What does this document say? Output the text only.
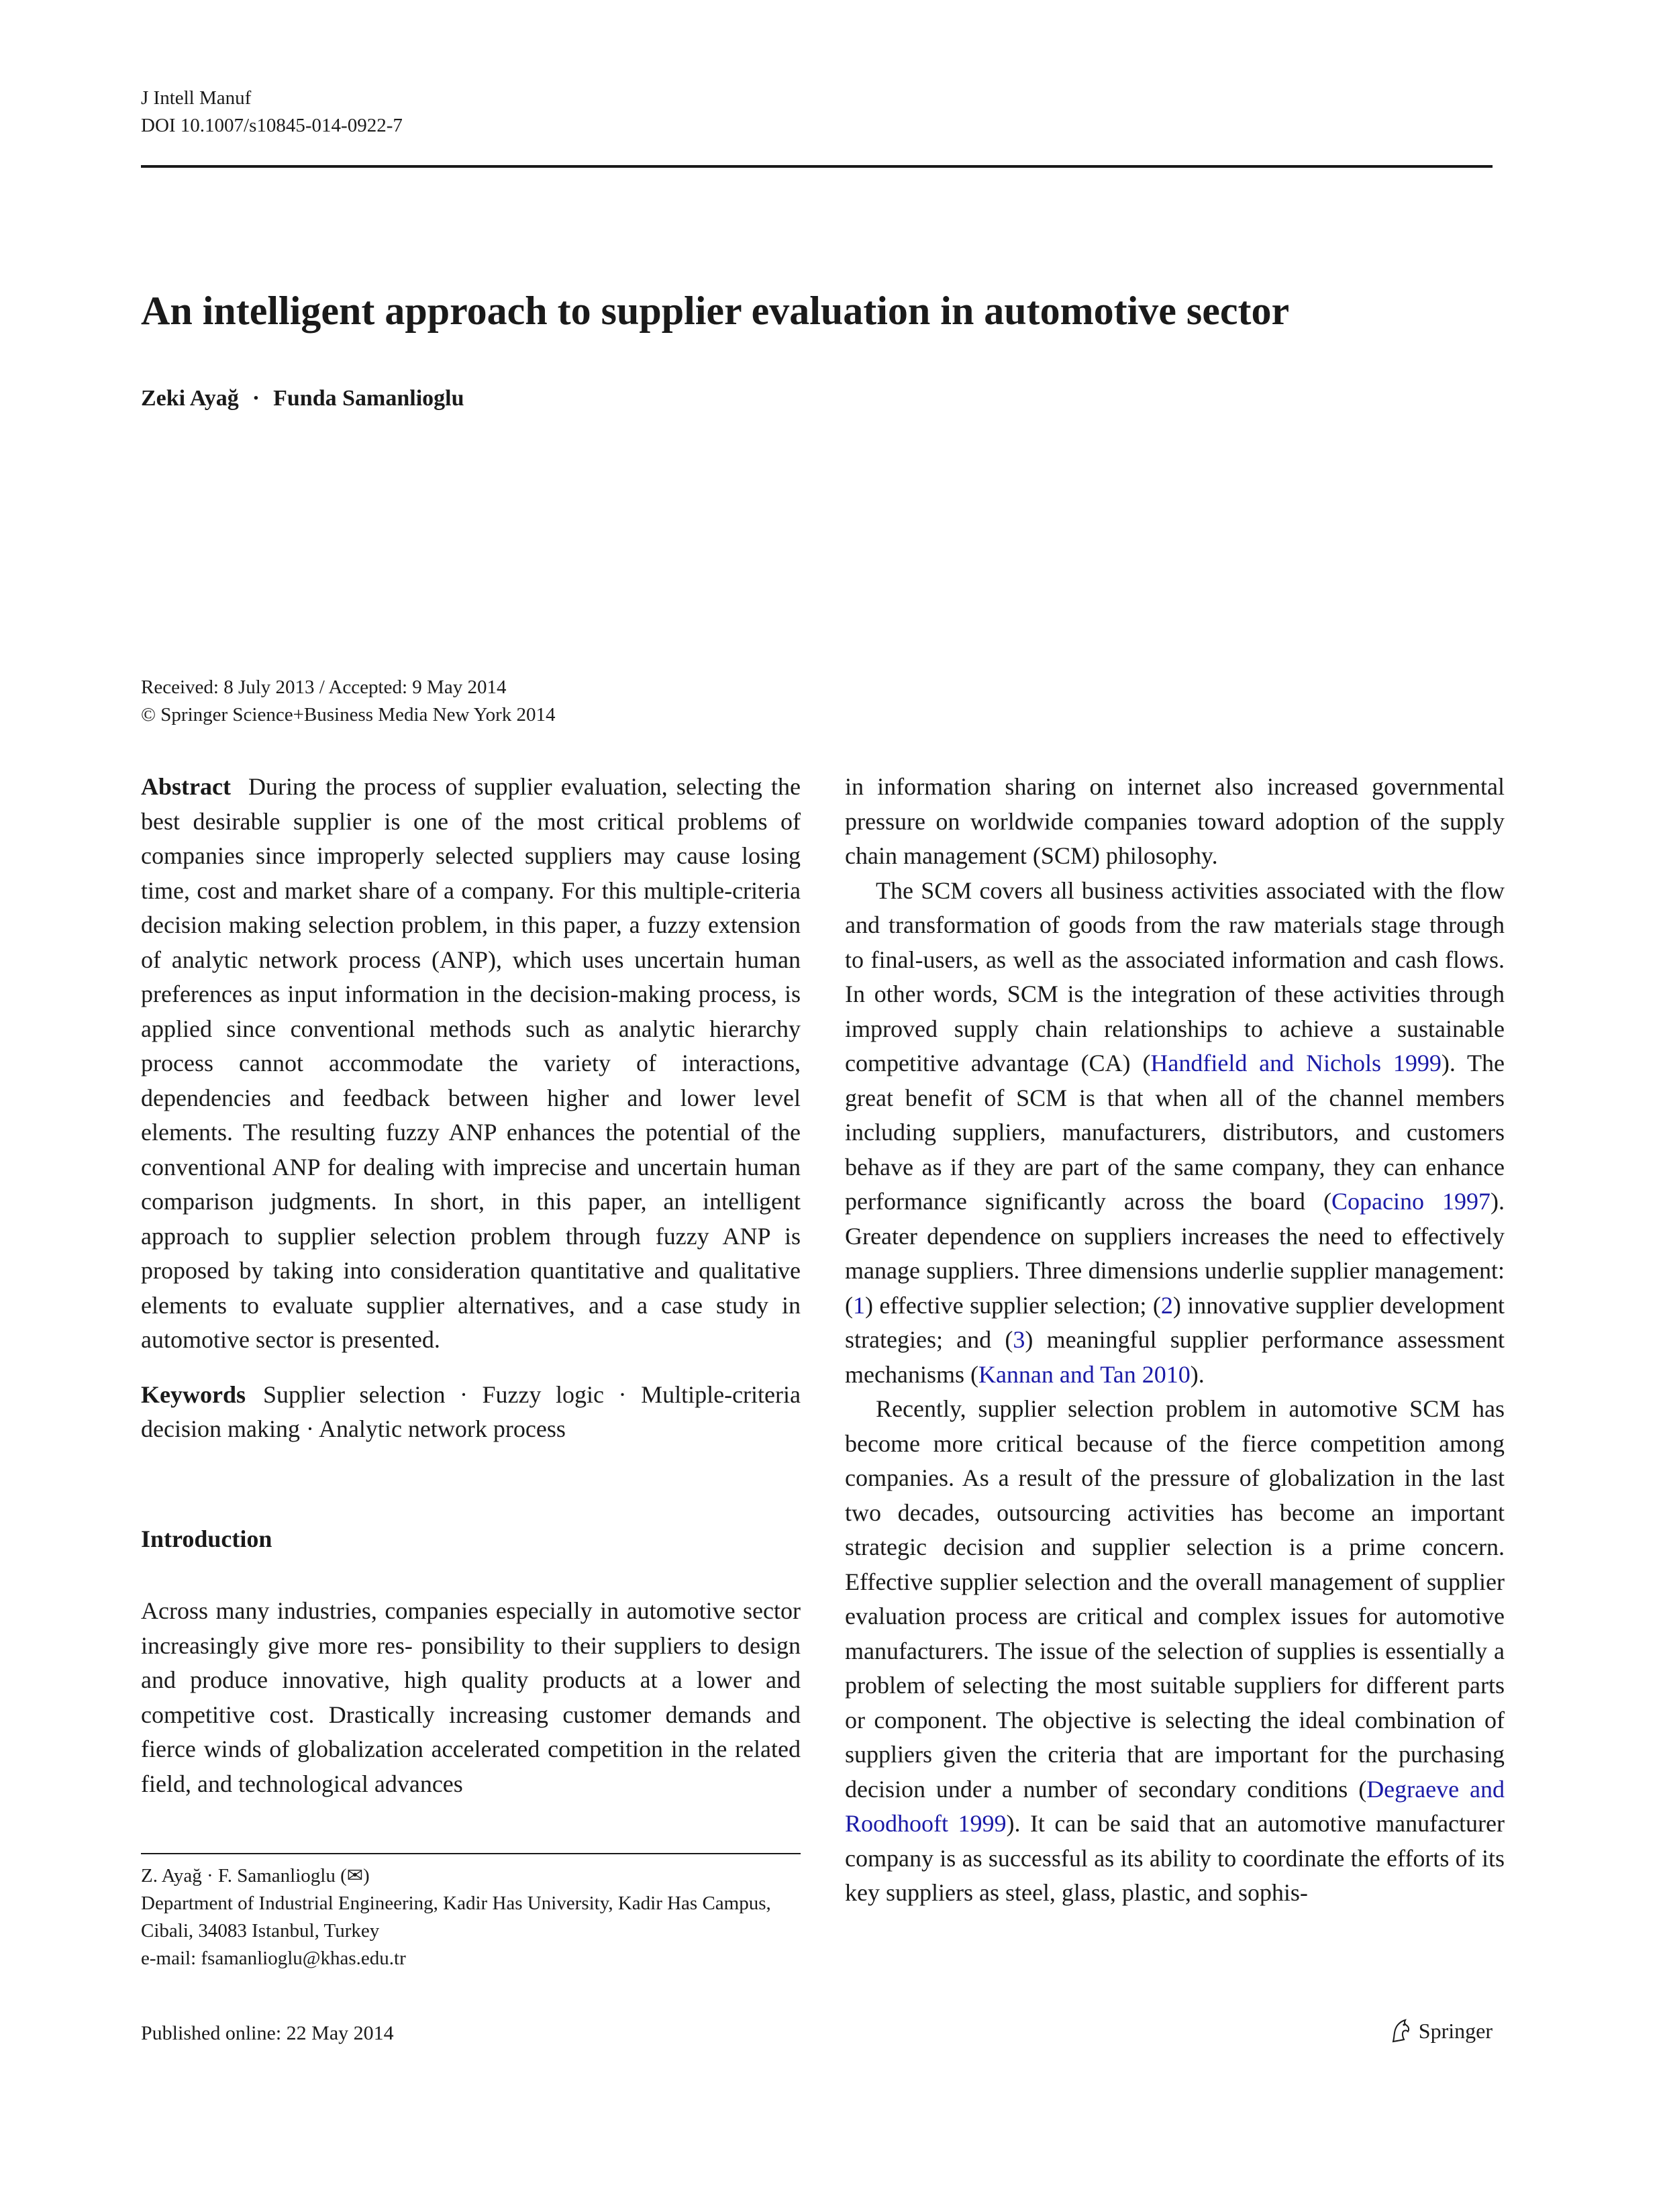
J Intell Manuf
DOI 10.1007/s10845-014-0922-7
An intelligent approach to supplier evaluation in automotive sector
Zeki Ayağ · Funda Samanlioglu
Received: 8 July 2013 / Accepted: 9 May 2014
© Springer Science+Business Media New York 2014

Abstract During the process of supplier evaluation, selecting the best desirable supplier is one of the most critical problems of companies since improperly selected suppliers may cause losing time, cost and market share of a company. For this multiple-criteria decision making selection problem, in this paper, a fuzzy extension of analytic network process (ANP), which uses uncertain human preferences as input information in the decision-making process, is applied since conventional methods such as analytic hierarchy process cannot accommodate the variety of interactions, dependencies and feedback between higher and lower level elements. The resulting fuzzy ANP enhances the potential of the conventional ANP for dealing with imprecise and uncertain human comparison judgments. In short, in this paper, an intelligent approach to supplier selection problem through fuzzy ANP is proposed by taking into consideration quantitative and qualitative elements to evaluate supplier alternatives, and a case study in automotive sector is presented.

Keywords Supplier selection · Fuzzy logic · Multiple-criteria decision making · Analytic network process

Introduction

Across many industries, companies especially in automotive sector increasingly give more res- ponsibility to their suppliers to design and produce innovative, high quality products at a lower and competitive cost. Drastically increasing customer demands and fierce winds of globalization accelerated competition in the related field, and technological advances

in information sharing on internet also increased governmental pressure on worldwide companies toward adoption of the supply chain management (SCM) philosophy.

The SCM covers all business activities associated with the flow and transformation of goods from the raw materials stage through to final-users, as well as the associated information and cash flows. In other words, SCM is the integration of these activities through improved supply chain relationships to achieve a sustainable competitive advantage (CA) (Handfield and Nichols 1999). The great benefit of SCM is that when all of the channel members including suppliers, manufacturers, distributors, and customers behave as if they are part of the same company, they can enhance performance significantly across the board (Copacino 1997). Greater dependence on suppliers increases the need to effectively manage suppliers. Three dimensions underlie supplier management: (1) effective supplier selection; (2) innovative supplier development strategies; and (3) meaningful supplier performance assessment mechanisms (Kannan and Tan 2010).

Recently, supplier selection problem in automotive SCM has become more critical because of the fierce competition among companies. As a result of the pressure of globalization in the last two decades, outsourcing activities has become an important strategic decision and supplier selection is a prime concern. Effective supplier selection and the overall management of supplier evaluation process are critical and complex issues for automotive manufacturers. The issue of the selection of supplies is essentially a problem of selecting the most suitable suppliers for different parts or component. The objective is selecting the ideal combination of suppliers given the criteria that are important for the purchasing decision under a number of secondary conditions (Degraeve and Roodhooft 1999). It can be said that an automotive manufacturer company is as successful as its ability to coordinate the efforts of its key suppliers as steel, glass, plastic, and sophis-

Z. Ayağ · F. Samanlioglu (✉)
Department of Industrial Engineering, Kadir Has University, Kadir Has Campus, Cibali, 34083 Istanbul, Turkey
e-mail: fsamanlioglu@khas.edu.tr
Published online: 22 May 2014	Springer
